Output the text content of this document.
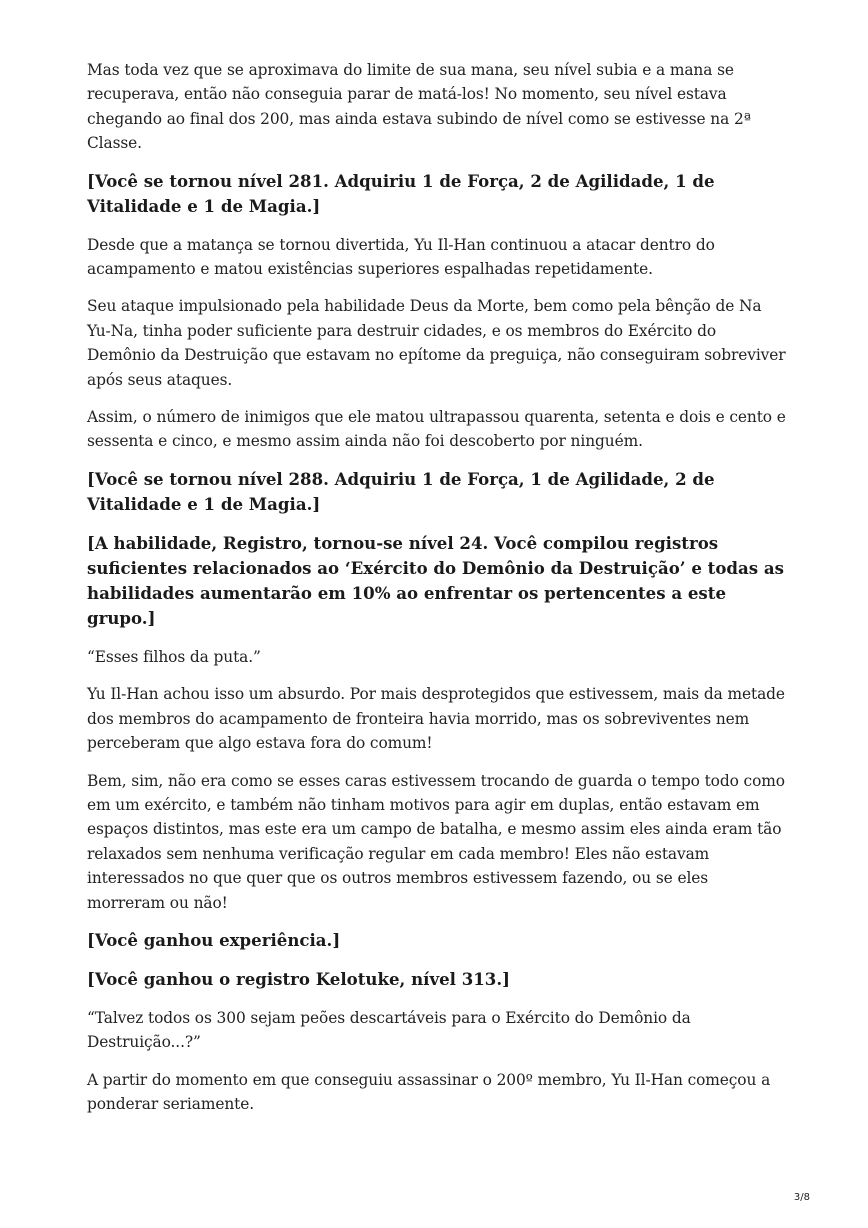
Mas toda vez que se aproximava do limite de sua mana, seu nível subia e a mana se recuperava, então não conseguia parar de matá-los! No momento, seu nível estava chegando ao final dos 200, mas ainda estava subindo de nível como se estivesse na 2ª Classe.

[Você se tornou nível 281. Adquiriu 1 de Força, 2 de Agilidade, 1 de Vitalidade e 1 de Magia.]

Desde que a matança se tornou divertida, Yu Il-Han continuou a atacar dentro do acampamento e matou existências superiores espalhadas repetidamente.

Seu ataque impulsionado pela habilidade Deus da Morte, bem como pela bênção de Na Yu-Na, tinha poder suficiente para destruir cidades, e os membros do Exército do Demônio da Destruição que estavam no epítome da preguiça, não conseguiram sobreviver após seus ataques.

Assim, o número de inimigos que ele matou ultrapassou quarenta, setenta e dois e cento e sessenta e cinco, e mesmo assim ainda não foi descoberto por ninguém.

[Você se tornou nível 288. Adquiriu 1 de Força, 1 de Agilidade, 2 de Vitalidade e 1 de Magia.]

[A habilidade, Registro, tornou-se nível 24. Você compilou registros suficientes relacionados ao ‘Exército do Demônio da Destruição’ e todas as habilidades aumentarão em 10% ao enfrentar os pertencentes a este grupo.]

“Esses filhos da puta.”

Yu Il-Han achou isso um absurdo. Por mais desprotegidos que estivessem, mais da metade dos membros do acampamento de fronteira havia morrido, mas os sobreviventes nem perceberam que algo estava fora do comum!

Bem, sim, não era como se esses caras estivessem trocando de guarda o tempo todo como em um exército, e também não tinham motivos para agir em duplas, então estavam em espaços distintos, mas este era um campo de batalha, e mesmo assim eles ainda eram tão relaxados sem nenhuma verificação regular em cada membro! Eles não estavam interessados no que quer que os outros membros estivessem fazendo, ou se eles morreram ou não!

[Você ganhou experiência.]

[Você ganhou o registro Kelotuke, nível 313.]

“Talvez todos os 300 sejam peões descartáveis para o Exército do Demônio da Destruição...?”

A partir do momento em que conseguiu assassinar o 200º membro, Yu Il-Han começou a ponderar seriamente.

3/8
